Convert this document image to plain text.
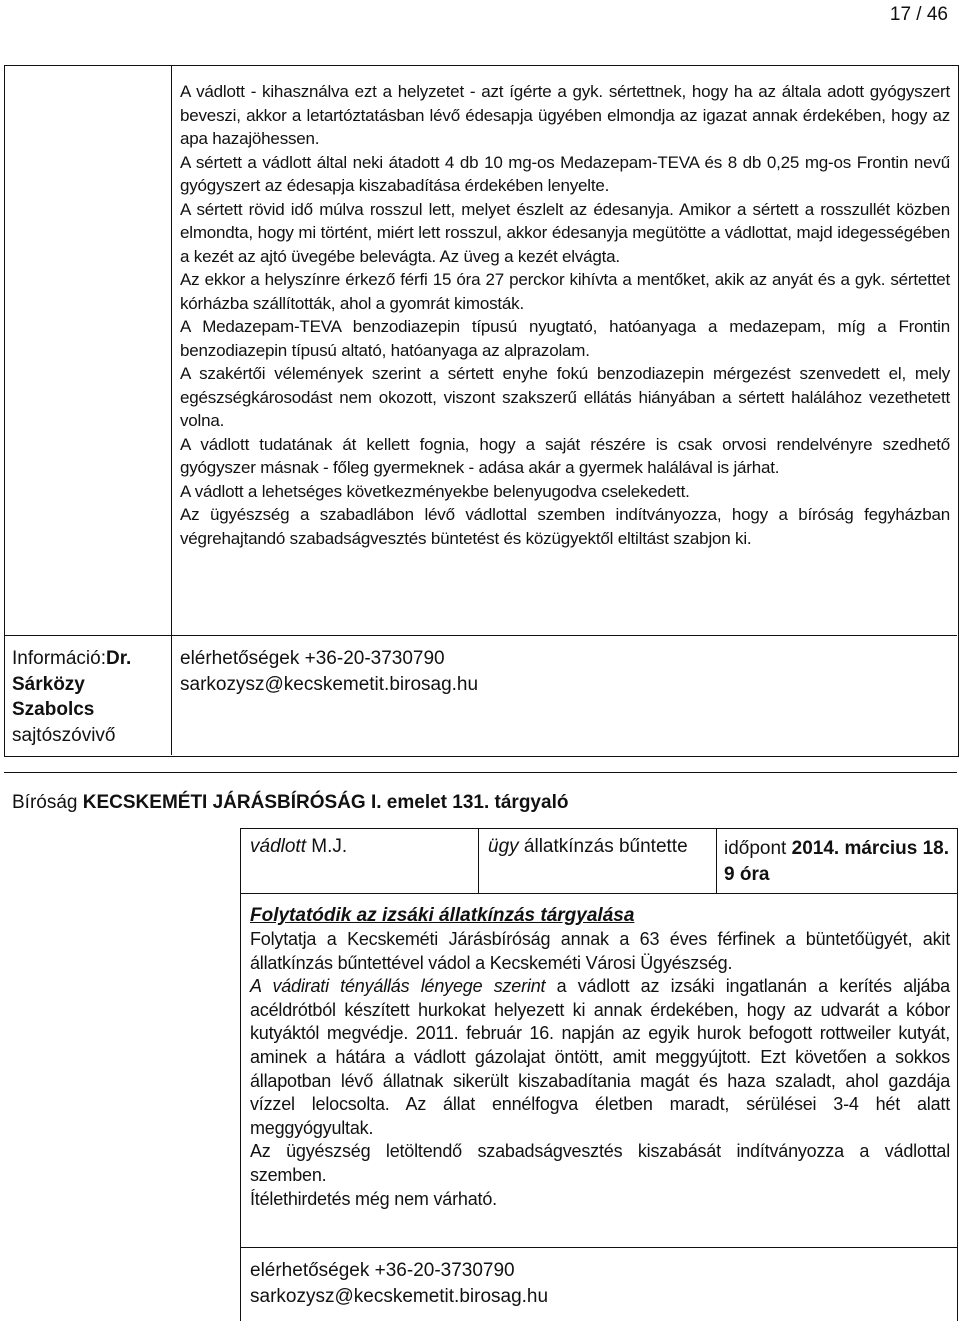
17 / 46

A vádlott - kihasználva ezt a helyzetet - azt ígérte a gyk. sértettnek, hogy ha az általa adott gyógyszert beveszi, akkor a letartóztatásban lévő édesapja ügyében elmondja az igazat annak érdekében, hogy az apa hazajöhessen.

A sértett a vádlott által neki átadott 4 db 10 mg-os Medazepam-TEVA és 8 db 0,25 mg-os Frontin nevű gyógyszert az édesapja kiszabadítása érdekében lenyelte.

A sértett rövid idő múlva rosszul lett, melyet észlelt az édesanyja. Amikor a sértett a rosszullét közben elmondta, hogy mi történt, miért lett rosszul, akkor édesanyja megütötte a vádlottat, majd idegességében a kezét az ajtó üvegébe belevágta. Az üveg a kezét elvágta.

Az ekkor a helyszínre érkező férfi 15 óra 27 perckor kihívta a mentőket, akik az anyát és a gyk. sértettet kórházba szállították, ahol a gyomrát kimosták.

A Medazepam-TEVA benzodiazepin típusú nyugtató, hatóanyaga a medazepam, míg a Frontin benzodiazepin típusú altató, hatóanyaga az alprazolam.

A szakértői vélemények szerint a sértett enyhe fokú benzodiazepin mérgezést szenvedett el, mely egészségkárosodást nem okozott, viszont szakszerű ellátás hiányában a sértett halálához vezethetett volna.

A vádlott tudatának át kellett fognia, hogy a saját részére is csak orvosi rendelvényre szedhető gyógyszer másnak - főleg gyermeknek - adása akár a gyermek halálával is járhat.

A vádlott a lehetséges következményekbe belenyugodva cselekedett.

Az ügyészség a szabadlábon lévő vádlottal szemben indítványozza, hogy a bíróság fegyházban végrehajtandó szabadságvesztés büntetést és közügyektől eltiltást szabjon ki.

Információ:Dr.
Sárközy Szabolcs
sajtószóvivő
elérhetőségek +36-20-3730790
sarkozysz@kecskemetit.birosag.hu
Bíróság KECSKEMÉTI JÁRÁSBÍRÓSÁG I. emelet 131. tárgyaló
vádlott M.J.	ügy állatkínzás bűntette időpont 2014. március 18. 9 óra
Folytatódik az izsáki állatkínzás tárgyalása

Folytatja a Kecskeméti Járásbíróság annak a 63 éves férfinek a büntetőügyét, akit állatkínzás bűntettével vádol a Kecskeméti Városi Ügyészség.

A vádirati tényállás lényege szerint a vádlott az izsáki ingatlanán a kerítés aljába acéldrótból készített hurkokat helyezett ki annak érdekében, hogy az udvarát a kóbor kutyáktól megvédje. 2011. február 16. napján az egyik hurok befogott rottweiler kutyát, aminek a hátára a vádlott gázolajat öntött, amit meggyújtott. Ezt követően a sokkos állapotban lévő állatnak sikerült kiszabadítania magát és haza szaladt, ahol gazdája vízzel lelocsolta. Az állat ennélfogva életben maradt, sérülései 3-4 hét alatt meggyógyultak.

Az ügyészség letöltendő szabadságvesztés kiszabását indítványozza a vádlottal szemben.

Ítélethirdetés még nem várható.

elérhetőségek +36-20-3730790
sarkozysz@kecskemetit.birosag.hu
